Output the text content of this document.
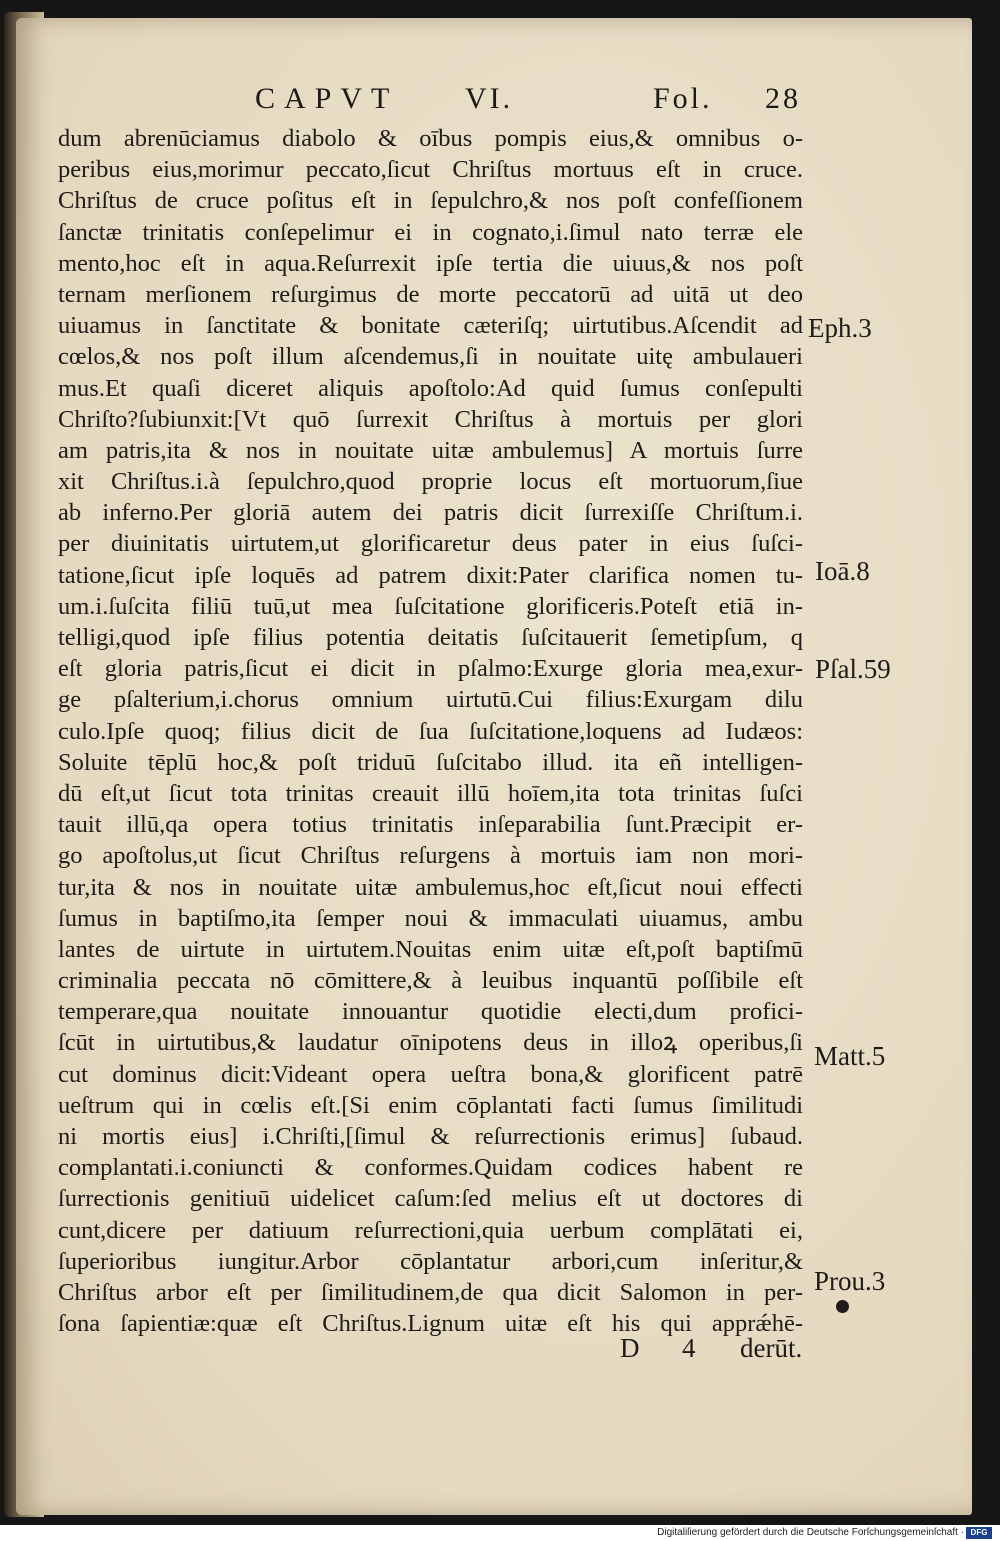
CAPVT VI.	Fol. 28
dum abrenūciamus diabolo & oībus pompis eius,& omnibus o-
peribus eius,morimur peccato,ſicut Chriſtus mortuus eſt in cruce.
Chriſtus de cruce poſitus eſt in ſepulchro,& nos poſt confeſſionem
ſanctæ trinitatis conſepelimur ei in cognato,i.ſimul nato terræ ele
mento,hoc eſt in aqua.Reſurrexit ipſe tertia die uiuus,& nos poſt
ternam merſionem reſurgimus de morte peccatorū ad uitā ut deo
uiuamus in ſanctitate & bonitate cæteriſq; uirtutibus.Aſcendit ad
cœlos,& nos poſt illum aſcendemus,ſi in nouitate uitę ambulaueri
mus.Et quaſi diceret aliquis apoſtolo:Ad quid ſumus conſepulti
Chriſto?ſubiunxit:[Vt quō ſurrexit Chriſtus à mortuis per glori
am patris,ita & nos in nouitate uitæ ambulemus] A mortuis ſurre
xit Chriſtus.i.à ſepulchro,quod proprie locus eſt mortuorum,ſiue
ab inferno.Per gloriā autem dei patris dicit ſurrexiſſe Chriſtum.i.
per diuinitatis uirtutem,ut glorificaretur deus pater in eius ſuſci-
tatione,ſicut ipſe loquēs ad patrem dixit:Pater clarifica nomen tu-
um.i.ſuſcita filiū tuū,ut mea ſuſcitatione glorificeris.Poteſt etiā in-
telligi,quod ipſe filius potentia deitatis ſuſcitauerit ſemetipſum, q
eſt gloria patris,ſicut ei dicit in pſalmo:Exurge gloria mea,exur-
ge pſalterium,i.chorus omnium uirtutū.Cui filius:Exurgam dilu
culo.Ipſe quoq; filius dicit de ſua ſuſcitatione,loquens ad Iudæos:
Soluite tēplū hoc,& poſt triduū ſuſcitabo illud. ita eñ intelligen-
dū eſt,ut ſicut tota trinitas creauit illū hoīem,ita tota trinitas ſuſci
tauit illū,qa opera totius trinitatis inſeparabilia ſunt.Præcipit er-
go apoſtolus,ut ſicut Chriſtus reſurgens à mortuis iam non mori-
tur,ita & nos in nouitate uitæ ambulemus,hoc eſt,ſicut noui effecti
ſumus in baptiſmo,ita ſemper noui & immaculati uiuamus, ambu
lantes de uirtute in uirtutem.Nouitas enim uitæ eſt,poſt baptiſmū
criminalia peccata nō cōmittere,& à leuibus inquantū poſſibile eſt
temperare,qua nouitate innouantur quotidie electi,dum profici-
ſcūt in uirtutibus,& laudatur oīnipotens deus in illoꝝ operibus,ſi
cut dominus dicit:Videant opera ueſtra bona,& glorificent patrē
ueſtrum qui in cœlis eſt.[Si enim cōplantati facti ſumus ſimilitudi
ni mortis eius] i.Chriſti,[ſimul & reſurrectionis erimus] ſubaud.
complantati.i.coniuncti & conformes.Quidam codices habent re
ſurrectionis genitiuū uidelicet caſum:ſed melius eſt ut doctores di
cunt,dicere per datiuum reſurrectioni,quia uerbum complātati ei,
ſuperioribus iungitur.Arbor cōplantatur arbori,cum inſeritur,&
Chriſtus arbor eſt per ſimilitudinem,de qua dicit Salomon in per-
ſona ſapientiæ:quæ eſt Chriſtus.Lignum uitæ eſt his qui apprǽhē-
Eph.3
Ioā.8
Pſal.59
Matt.5
Prou.3
D 4 derūt.
Digitaliſierung gefördert durch die Deutsche Forſchungsgemeinſchaft · DFG
